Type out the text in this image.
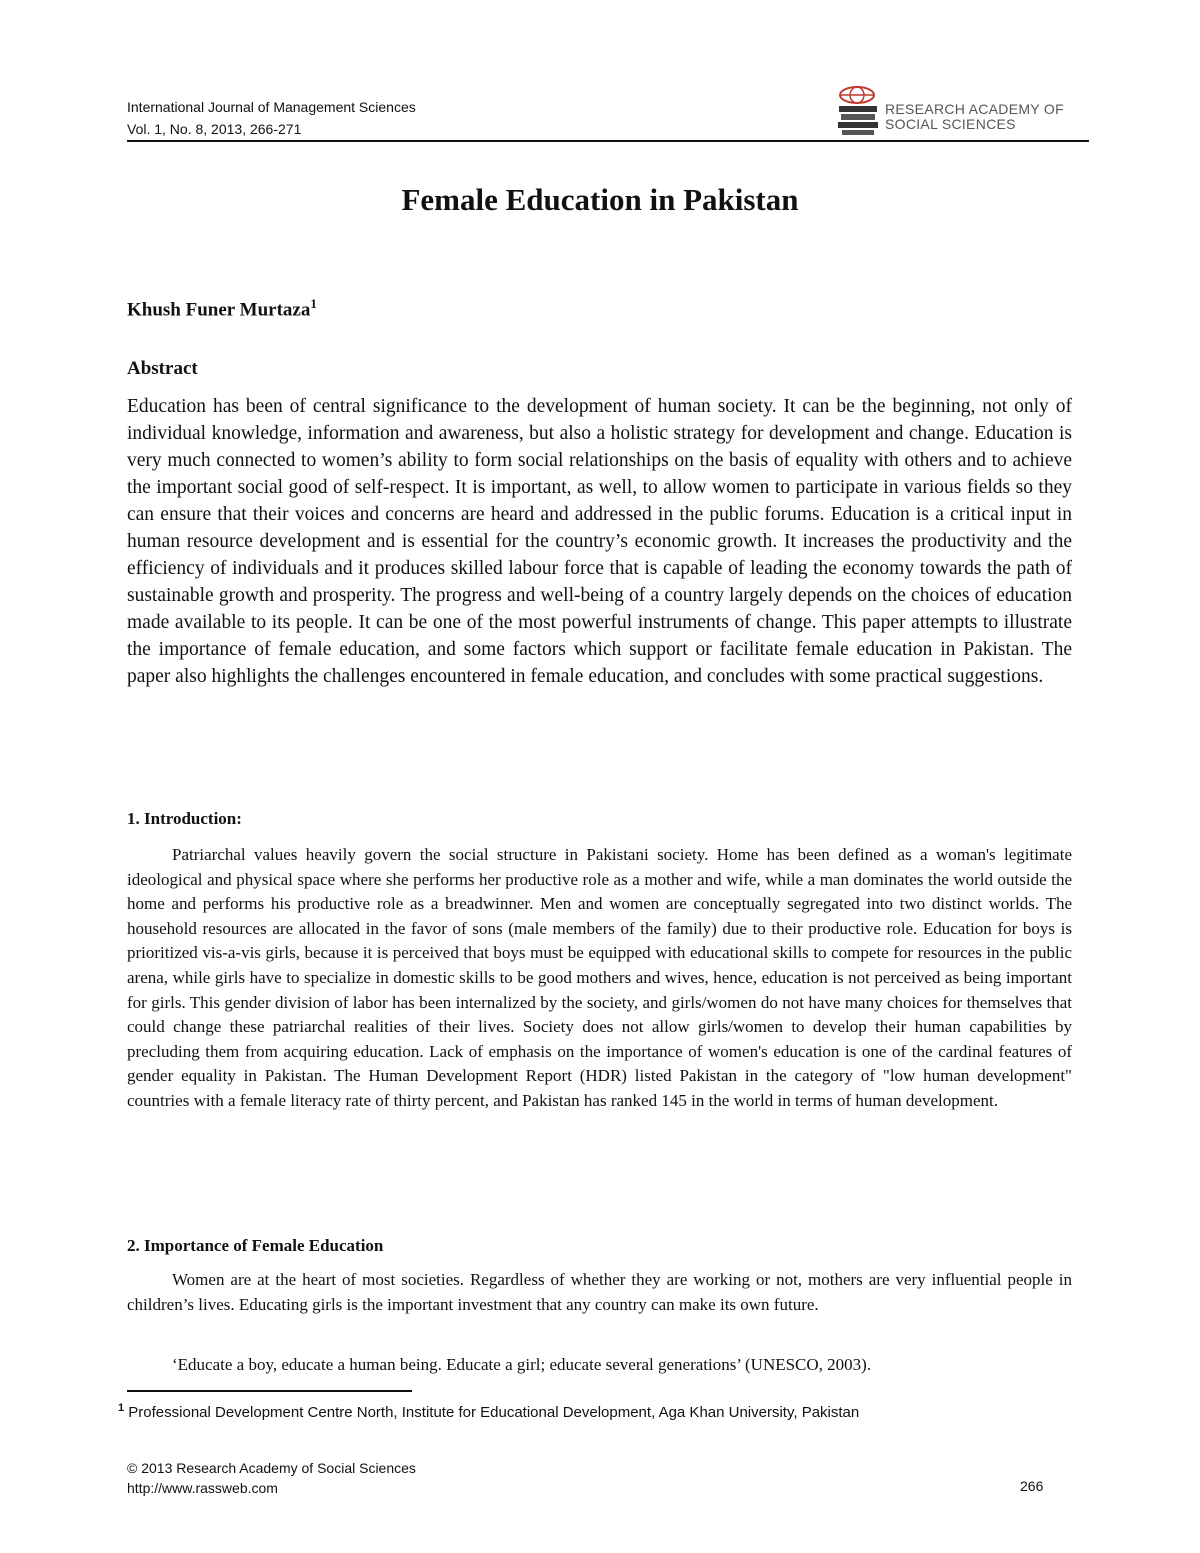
International Journal of Management Sciences
Vol. 1, No. 8, 2013, 266-271
RESEARCH ACADEMY OF
SOCIAL SCIENCES
Female Education in Pakistan
Khush Funer Murtaza$^1$
Abstract
Education has been of central significance to the development of human society. It can be the beginning, not only of individual knowledge, information and awareness, but also a holistic strategy for development and change. Education is very much connected to women’s ability to form social relationships on the basis of equality with others and to achieve the important social good of self-respect. It is important, as well, to allow women to participate in various fields so they can ensure that their voices and concerns are heard and addressed in the public forums. Education is a critical input in human resource development and is essential for the country’s economic growth. It increases the productivity and the efficiency of individuals and it produces skilled labour force that is capable of leading the economy towards the path of sustainable growth and prosperity. The progress and well-being of a country largely depends on the choices of education made available to its people. It can be one of the most powerful instruments of change. This paper attempts to illustrate the importance of female education, and some factors which support or facilitate female education in Pakistan. The paper also highlights the challenges encountered in female education, and concludes with some practical suggestions.
1. Introduction:
Patriarchal values heavily govern the social structure in Pakistani society. Home has been defined as a woman's legitimate ideological and physical space where she performs her productive role as a mother and wife, while a man dominates the world outside the home and performs his productive role as a breadwinner. Men and women are conceptually segregated into two distinct worlds. The household resources are allocated in the favor of sons (male members of the family) due to their productive role. Education for boys is prioritized vis-a-vis girls, because it is perceived that boys must be equipped with educational skills to compete for resources in the public arena, while girls have to specialize in domestic skills to be good mothers and wives, hence, education is not perceived as being important for girls. This gender division of labor has been internalized by the society, and girls/women do not have many choices for themselves that could change these patriarchal realities of their lives. Society does not allow girls/women to develop their human capabilities by precluding them from acquiring education. Lack of emphasis on the importance of women's education is one of the cardinal features of gender equality in Pakistan. The Human Development Report (HDR) listed Pakistan in the category of "low human development" countries with a female literacy rate of thirty percent, and Pakistan has ranked 145 in the world in terms of human development.
2. Importance of Female Education
Women are at the heart of most societies. Regardless of whether they are working or not, mothers are very influential people in children’s lives. Educating girls is the important investment that any country can make its own future.
‘Educate a boy, educate a human being. Educate a girl; educate several generations’ (UNESCO, 2003).
$^1$ Professional Development Centre North, Institute for Educational Development, Aga Khan University, Pakistan
© 2013 Research Academy of Social Sciences
http://www.rassweb.com	266
